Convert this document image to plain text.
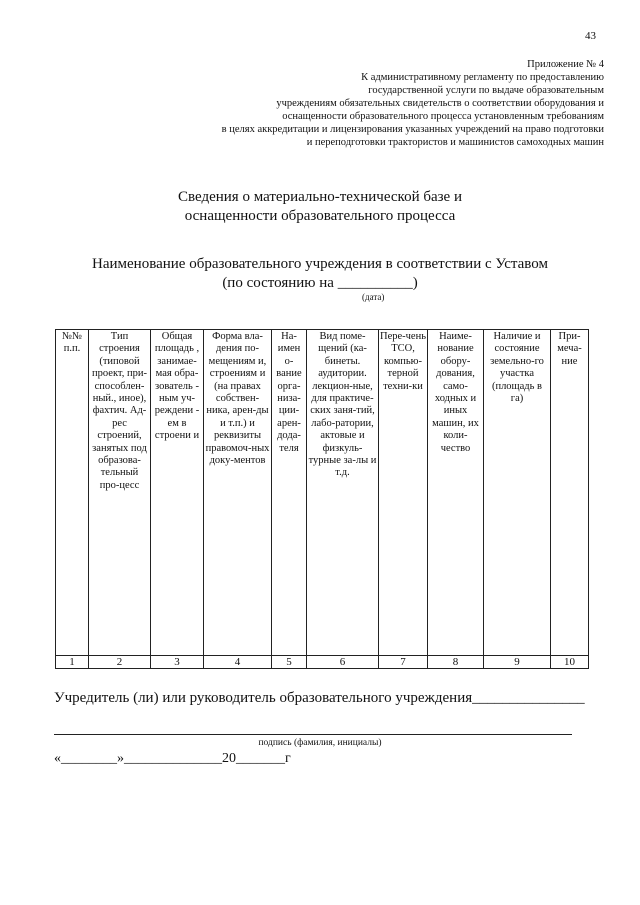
43
Приложение № 4
К административному регламенту по предоставлению
государственной услуги по выдаче образовательным
учреждениям обязательных свидетельств о соответствии оборудования и
оснащенности образовательного процесса установленным требованиям
в целях аккредитации и лицензирования указанных учреждений на право подготовки
и переподготовки трактористов и машинистов самоходных машин
Сведения о материально-технической базе и
оснащенности образовательного процесса
Наименование образовательного учреждения в соответствии с Уставом
(по состоянию на __________)
(дата)
№№ п.п.	Тип строения (типовой проект, при-способлен-ный., иное), фахтич. Ад-рес строений, занятых под образова-тельный про-цесс	Общая площадь , занимае-мая обра-зователь - ным уч-реждени - ем в строени и	Форма вла-дения по-мещениям и, строениям и (на правах собствен-ника, арен-ды и т.п.) и реквизиты правомоч-ных доку-ментов	На-имен о-вание орга-низа-ции-арен-дода-теля	Вид поме-щений (ка-бинеты. аудитории. лекцион-ные, для практиче-ских заня-тий, лабо-ратории, актовые и физкуль-турные за-лы и т.д.	Пере-чень ТСО, компью-терной техни-ки	Наиме-нование обору-дования, само-ходных и иных машин, их коли-чество	Наличие и состояние земельно-го участка (площадь в га)	При-меча-ние
1	2	3	4	5	6	7	8	9	10
Учредитель (ли) или руководитель образовательного учреждения_______________
подпись (фамилия, инициалы)
«________»______________20_______г
